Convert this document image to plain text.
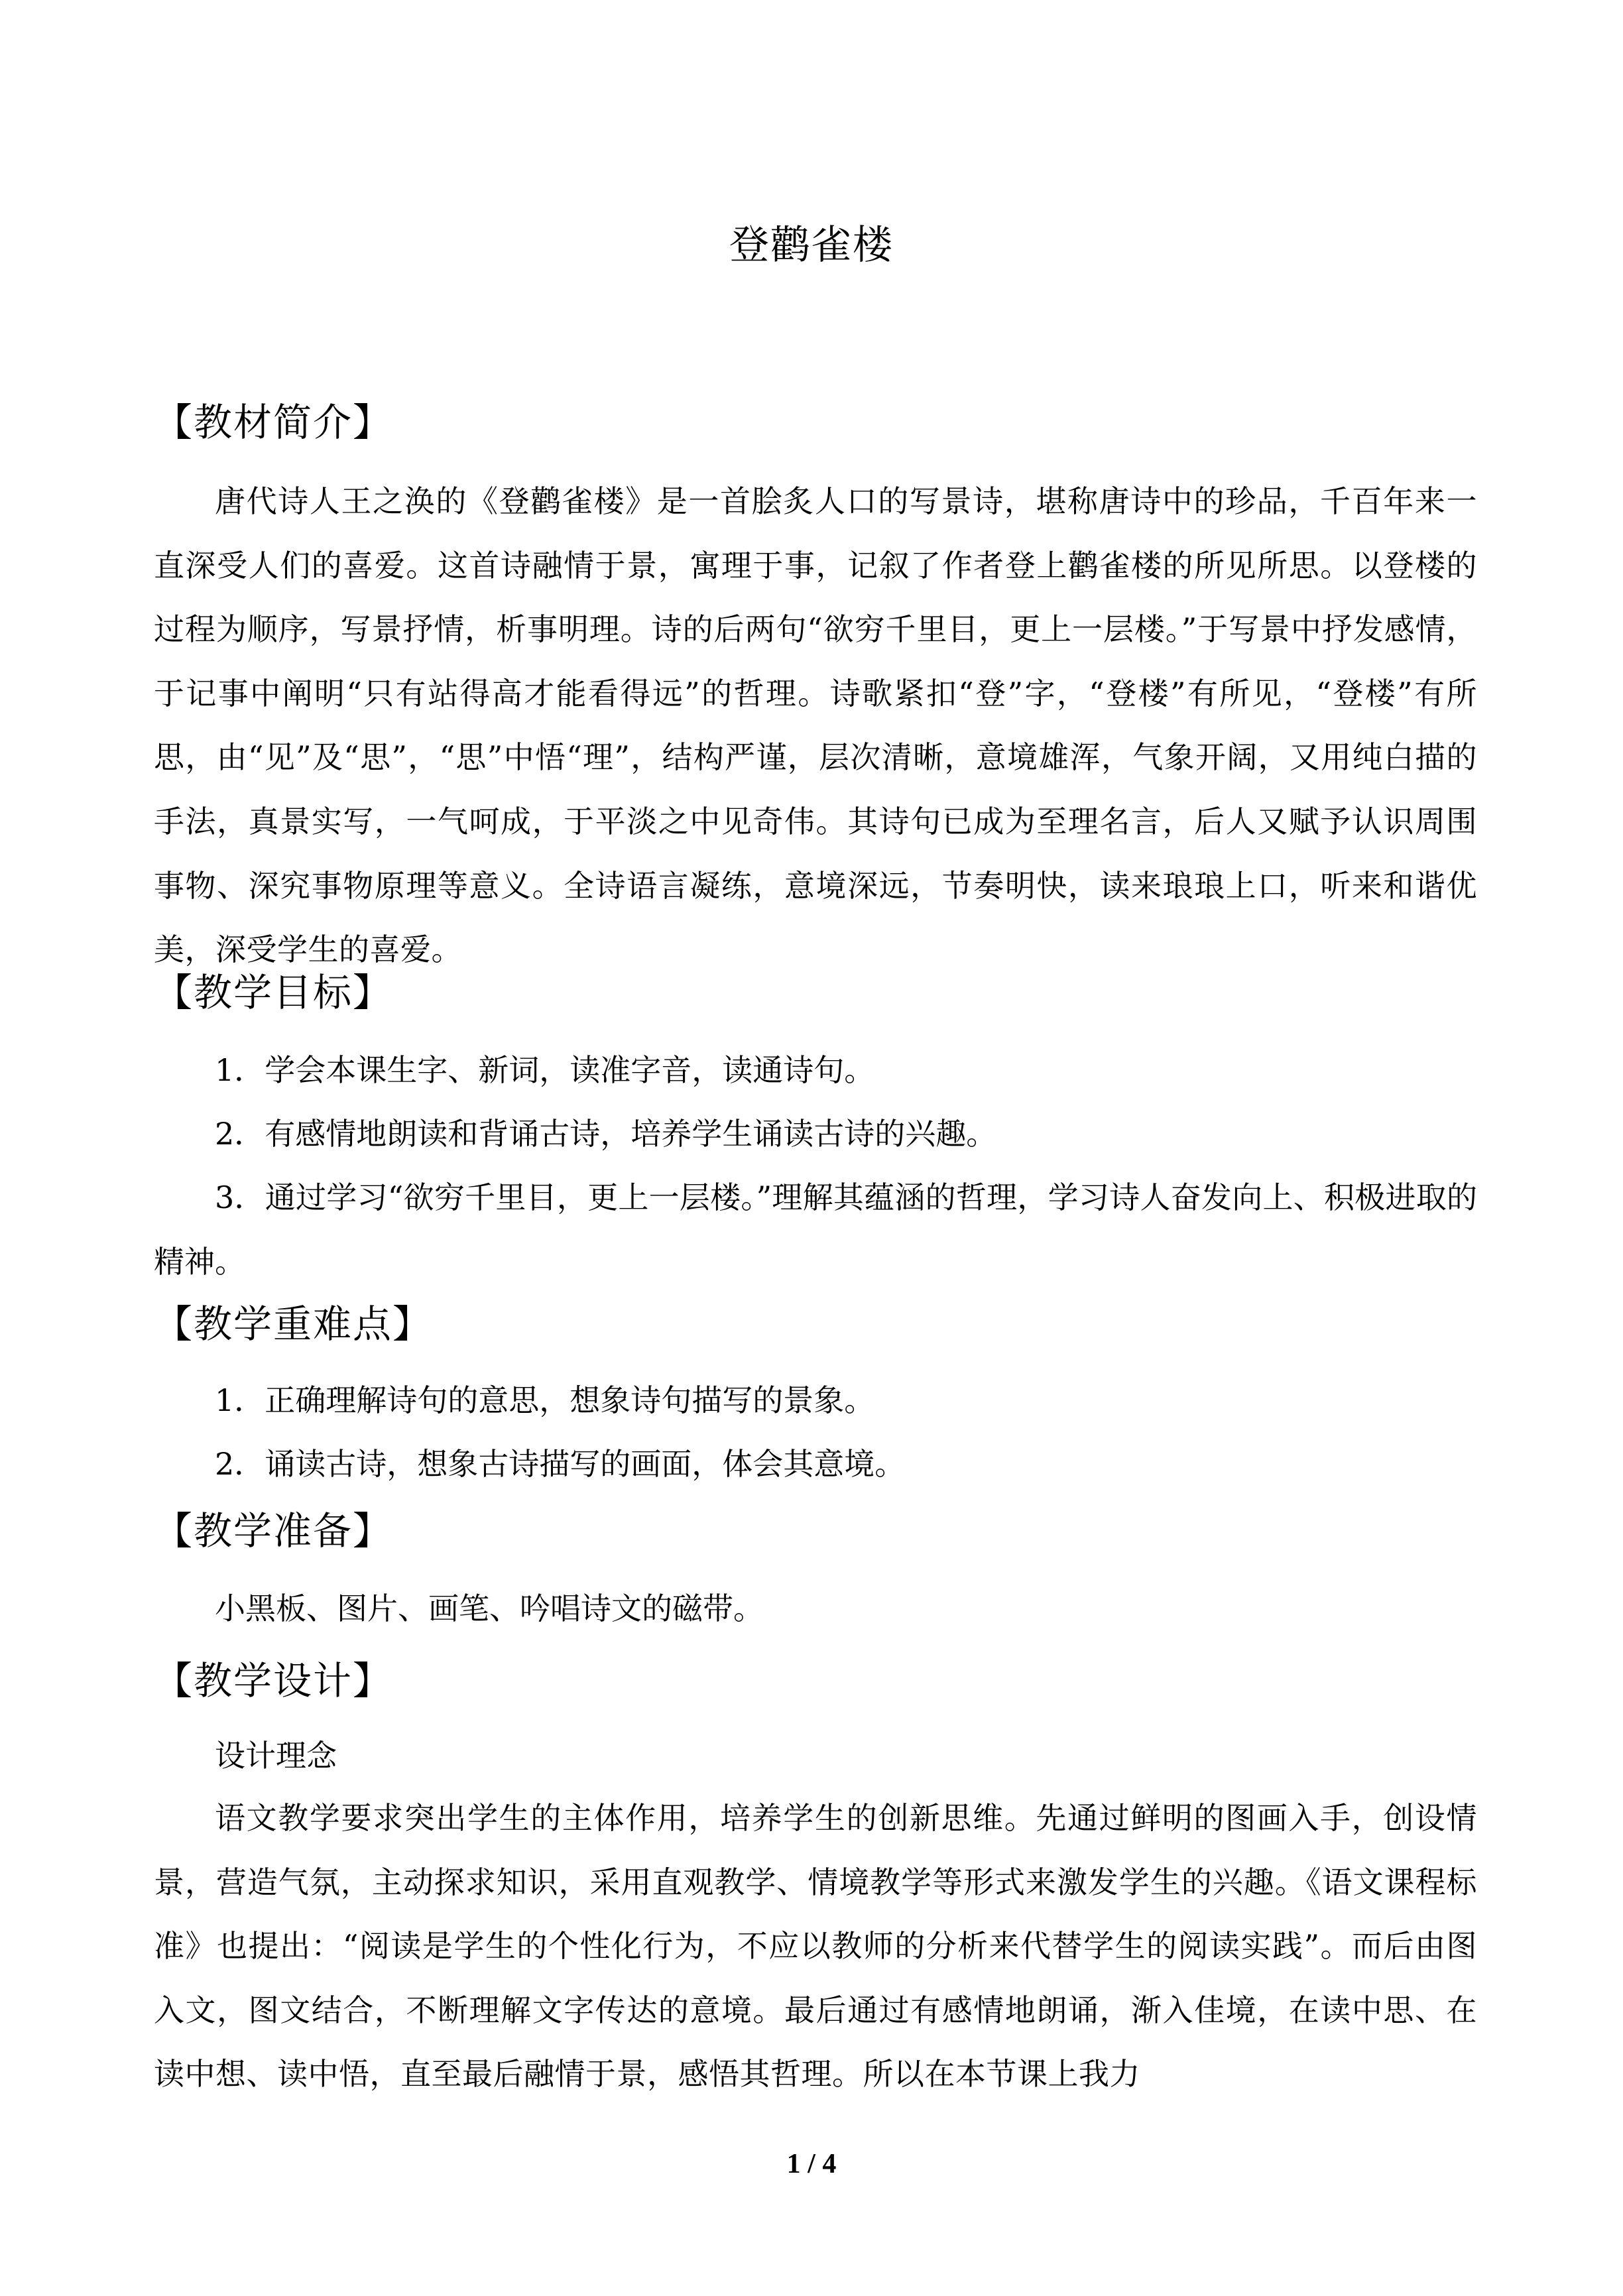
登鹳雀楼
【教材简介】
唐代诗人王之涣的《登鹳雀楼》是一首脍炙人口的写景诗，堪称唐诗中的珍品，千百年来一直深受人们的喜爱。这首诗融情于景，寓理于事，记叙了作者登上鹳雀楼的所见所思。以登楼的过程为顺序，写景抒情，析事明理。诗的后两句“欲穷千里目，更上一层楼。”于写景中抒发感情，于记事中阐明“只有站得高才能看得远”的哲理。诗歌紧扣“登”字，“登楼”有所见，“登楼”有所思，由“见”及“思”，“思”中悟“理”，结构严谨，层次清晰，意境雄浑，气象开阔，又用纯白描的手法，真景实写，一气呵成，于平淡之中见奇伟。其诗句已成为至理名言，后人又赋予认识周围事物、深究事物原理等意义。全诗语言凝练，意境深远，节奏明快，读来琅琅上口，听来和谐优美，深受学生的喜爱。
【教学目标】
1．学会本课生字、新词，读准字音，读通诗句。
2．有感情地朗读和背诵古诗，培养学生诵读古诗的兴趣。
3．通过学习“欲穷千里目，更上一层楼。”理解其蕴涵的哲理，学习诗人奋发向上、积极进取的精神。
【教学重难点】
1．正确理解诗句的意思，想象诗句描写的景象。
2．诵读古诗，想象古诗描写的画面，体会其意境。
【教学准备】
小黑板、图片、画笔、吟唱诗文的磁带。
【教学设计】
设计理念
语文教学要求突出学生的主体作用，培养学生的创新思维。先通过鲜明的图画入手，创设情景，营造气氛，主动探求知识，采用直观教学、情境教学等形式来激发学生的兴趣。《语文课程标准》也提出：“阅读是学生的个性化行为，不应以教师的分析来代替学生的阅读实践”。而后由图入文，图文结合，不断理解文字传达的意境。最后通过有感情地朗诵，渐入佳境，在读中思、在读中想、读中悟，直至最后融情于景，感悟其哲理。所以在本节课上我力
1 / 4
